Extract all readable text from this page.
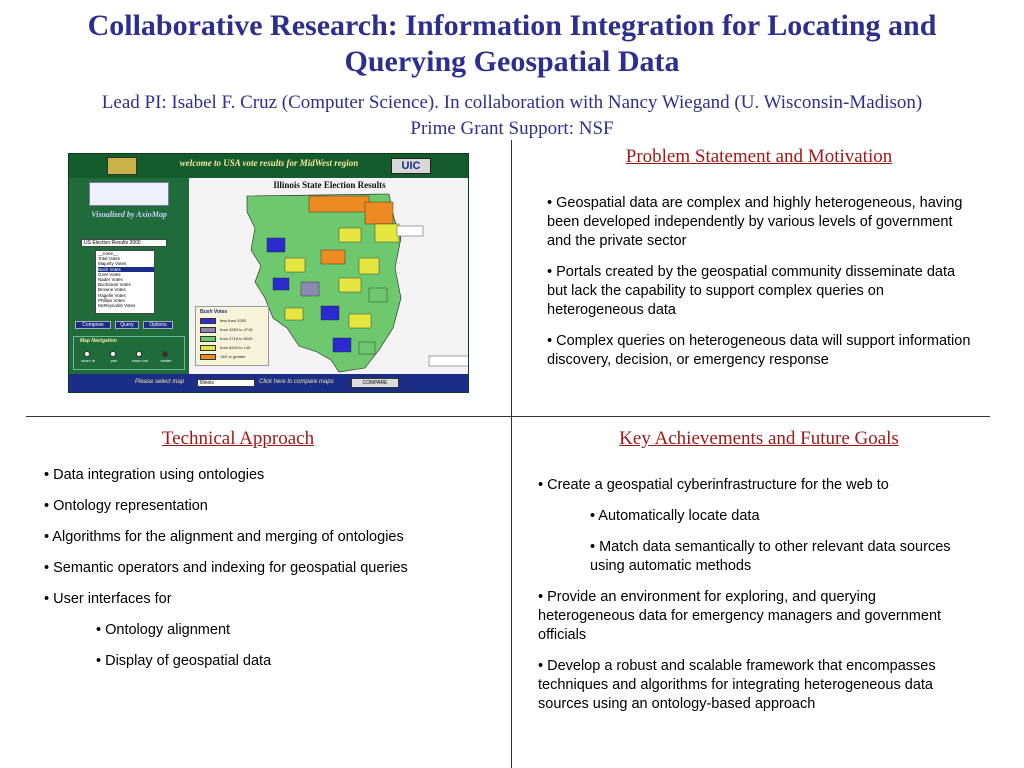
Collaborative Research: Information Integration for Locating and
Querying Geospatial Data
Lead PI: Isabel F. Cruz (Computer Science). In collaboration with Nancy Wiegand (U. Wisconsin-Madison)
Prime Grant Support: NSF
welcome to USA vote results for MidWest region	UIC
Visualized by AxioMap
US Election Results 2000
__none__
Total Votes
Majority Votes
Bush Votes
Gore Votes
Nader Votes
Buchanan Votes
Browne Votes
Hagelin Votes
Phillips Votes
McReynolds Votes
Compose	Query	Options
Map Navigation
zoom in	pan	zoom out	center
Illinois State Election Results
Bush Votes
less than 3283
from 3283 to 4718
from 4718 to 8240
from 8240 to 14K
14K or greater
Please select map	Illinois	Click here to compare maps	COMPARE
Problem Statement and Motivation
• Geospatial data are complex and highly heterogeneous, having been developed independently by various levels of government and the private sector
• Portals created by the geospatial community disseminate data but lack the capability to support complex queries on heterogeneous data
• Complex queries on heterogeneous data will support information discovery, decision, or emergency response
Technical Approach
• Data integration using ontologies
• Ontology representation
• Algorithms for the alignment and merging of ontologies
• Semantic operators and indexing for geospatial queries
• User interfaces for
• Ontology alignment
• Display of geospatial data
Key Achievements and Future Goals
• Create a geospatial cyberinfrastructure for the web to
• Automatically locate data
• Match data semantically to other relevant data sources using automatic methods
• Provide an environment for exploring, and querying heterogeneous data for emergency managers and government officials
• Develop a robust and scalable framework that encompasses techniques and algorithms for integrating heterogeneous data sources using an ontology-based approach
